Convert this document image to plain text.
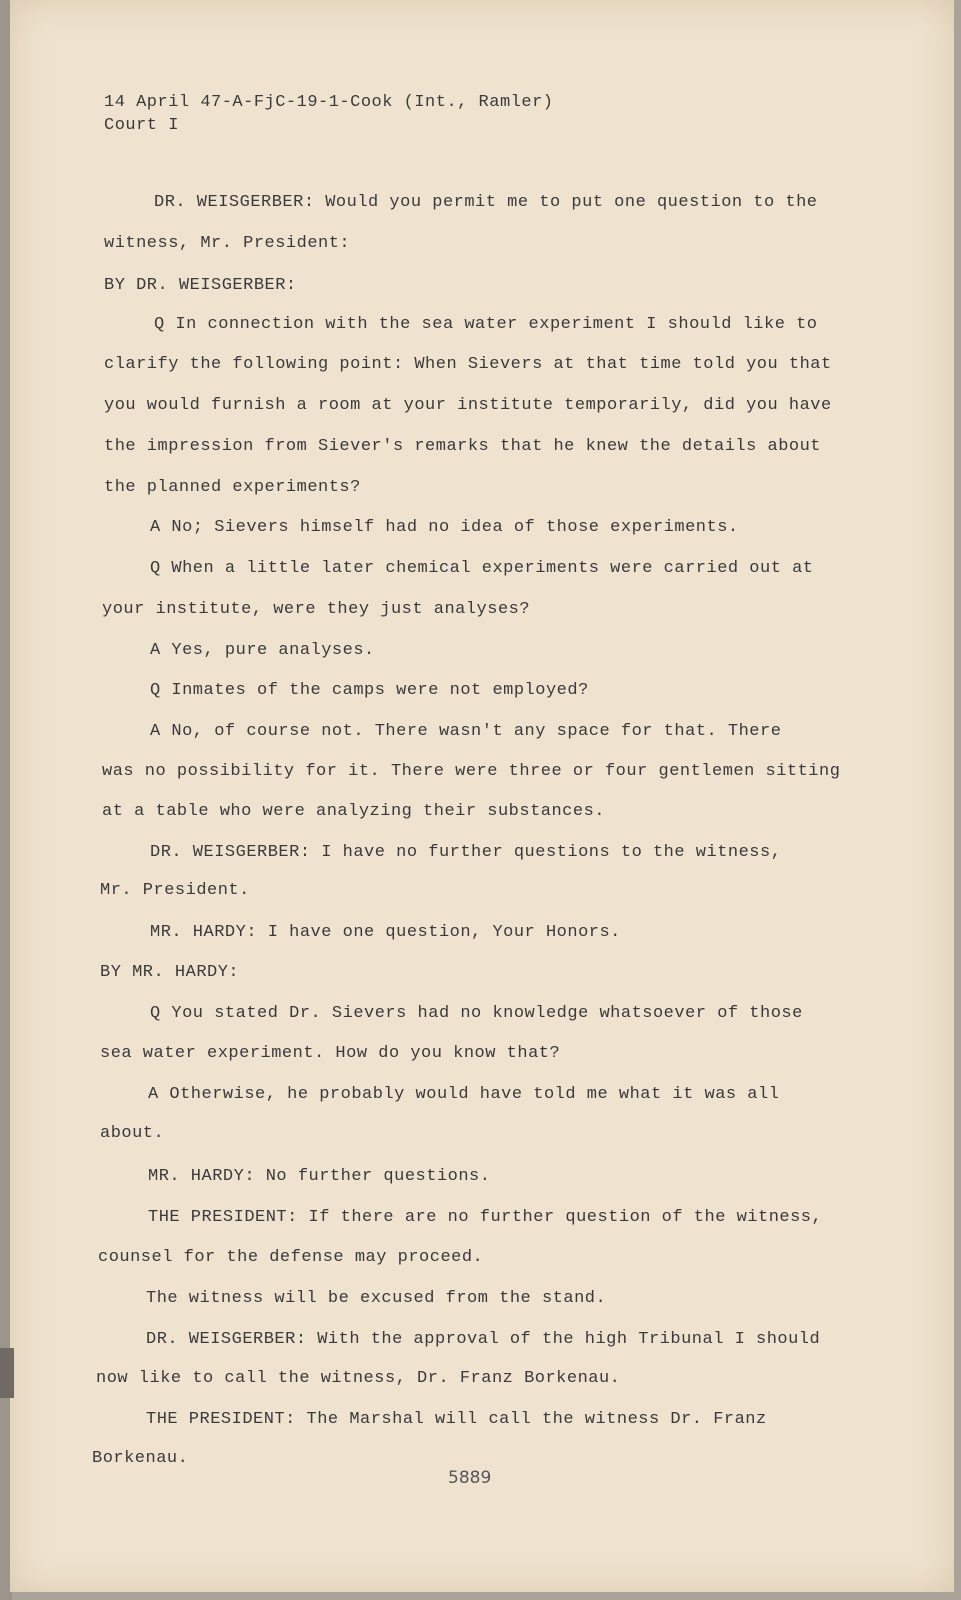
14 April 47-A-FjC-19-1-Cook (Int., Ramler)
Court I
DR. WEISGERBER: Would you permit me to put one question to the
witness, Mr. President:
BY DR. WEISGERBER:
Q In connection with the sea water experiment I should like to
clarify the following point: When Sievers at that time told you that
you would furnish a room at your institute temporarily, did you have
the impression from Siever's remarks that he knew the details about
the planned experiments?
A No; Sievers himself had no idea of those experiments.
Q When a little later chemical experiments were carried out at
your institute, were they just analyses?
A Yes, pure analyses.
Q Inmates of the camps were not employed?
A No, of course not. There wasn't any space for that. There
was no possibility for it. There were three or four gentlemen sitting
at a table who were analyzing their substances.
DR. WEISGERBER: I have no further questions to the witness,
Mr. President.
MR. HARDY: I have one question, Your Honors.
BY MR. HARDY:
Q You stated Dr. Sievers had no knowledge whatsoever of those
sea water experiment. How do you know that?
A Otherwise, he probably would have told me what it was all
about.
MR. HARDY: No further questions.
THE PRESIDENT: If there are no further question of the witness,
counsel for the defense may proceed.
The witness will be excused from the stand.
DR. WEISGERBER: With the approval of the high Tribunal I should
now like to call the witness, Dr. Franz Borkenau.
THE PRESIDENT: The Marshal will call the witness Dr. Franz
Borkenau.
5889
